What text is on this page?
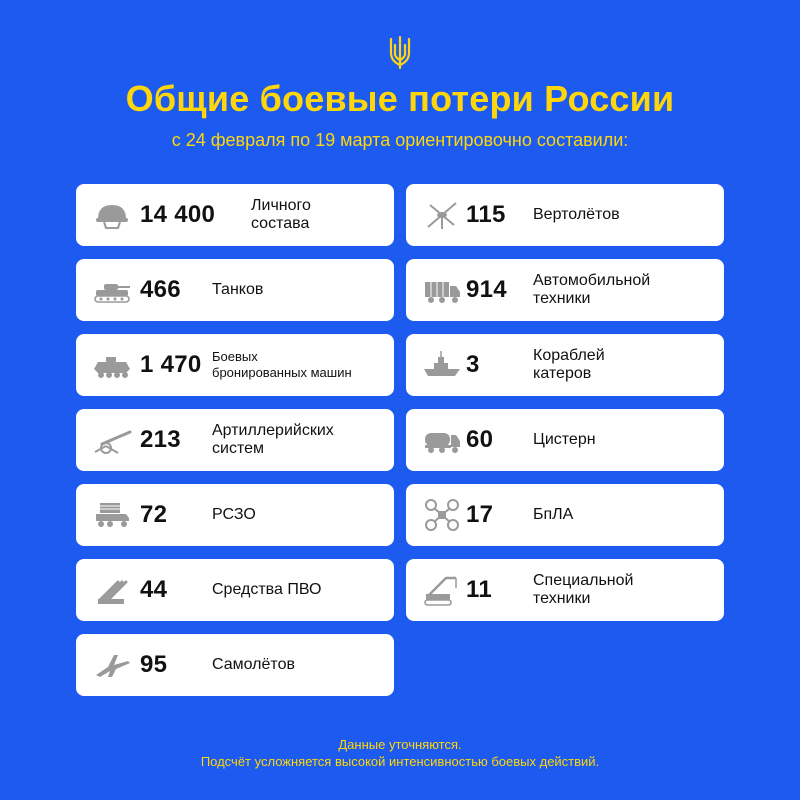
Общие боевые потери России
с 24 февраля по 19 марта ориентировочно составили:
14 400 Личного
состава
466 Танков
1 470 Боевых
бронированных машин
213 Артиллерийских
систем
72	РСЗО
44	Средства ПВО
95	Самолётов
115 Вертолётов
914 Автомобильной
техники
3	Кораблей
катеров
60 Цистерн
17 БпЛА
11	Специальной
техники
Данные уточняются.
Подсчёт усложняется высокой интенсивностью боевых действий.
